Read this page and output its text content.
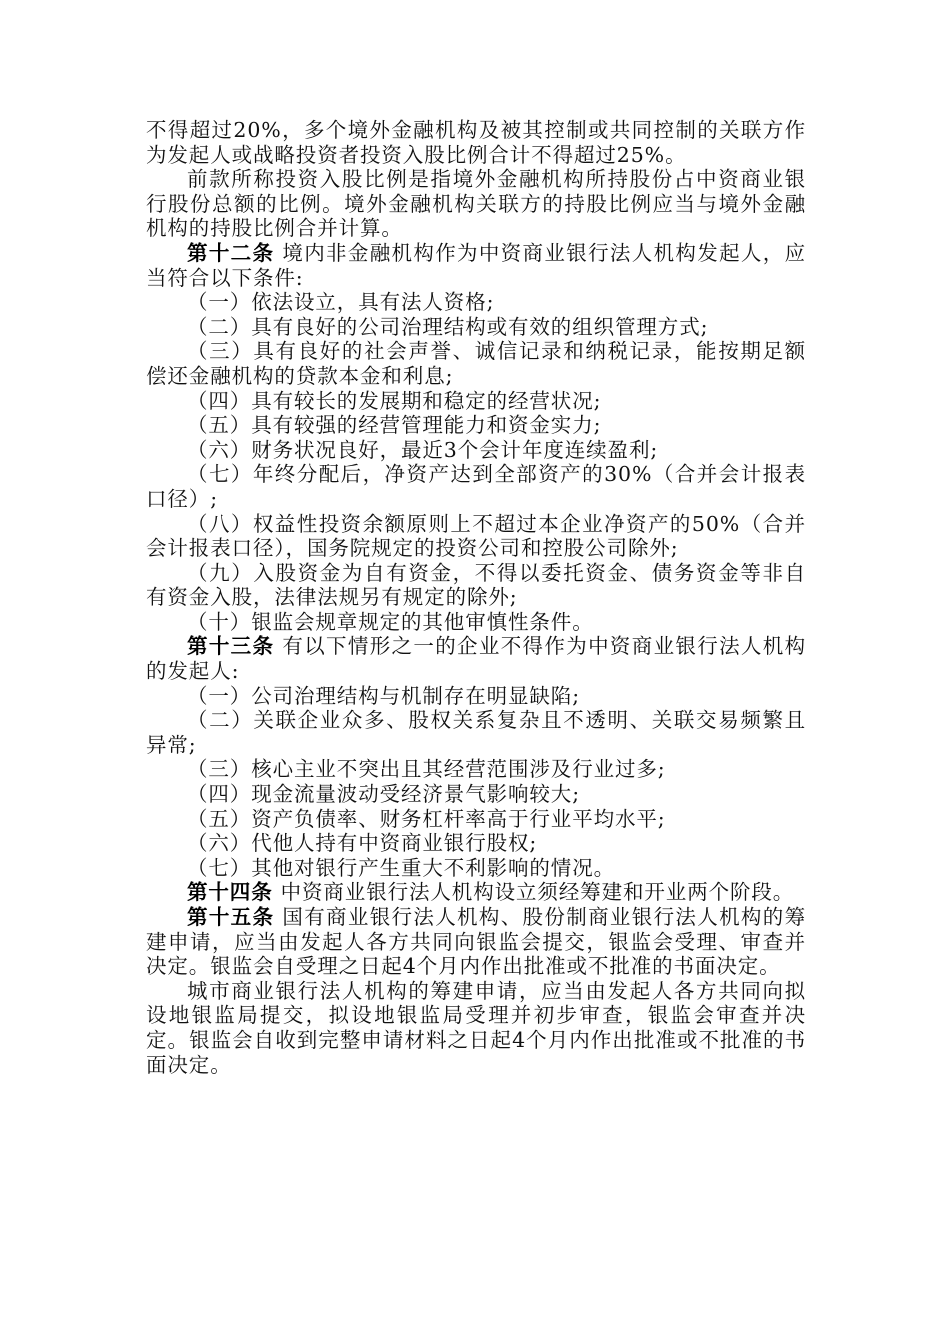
不得超过20%，多个境外金融机构及被其控制或共同控制的关联方作为发起人或战略投资者投资入股比例合计不得超过25%。

前款所称投资入股比例是指境外金融机构所持股份占中资商业银行股份总额的比例。境外金融机构关联方的持股比例应当与境外金融机构的持股比例合并计算。

第十二条 境内非金融机构作为中资商业银行法人机构发起人，应当符合以下条件:

（一）依法设立，具有法人资格;

（二）具有良好的公司治理结构或有效的组织管理方式;

（三）具有良好的社会声誉、诚信记录和纳税记录，能按期足额偿还金融机构的贷款本金和利息;

（四）具有较长的发展期和稳定的经营状况;

（五）具有较强的经营管理能力和资金实力;

（六）财务状况良好，最近3个会计年度连续盈利;

（七）年终分配后，净资产达到全部资产的30%（合并会计报表口径）;

（八）权益性投资余额原则上不超过本企业净资产的50%（合并会计报表口径），国务院规定的投资公司和控股公司除外;

（九）入股资金为自有资金，不得以委托资金、债务资金等非自有资金入股，法律法规另有规定的除外;

（十）银监会规章规定的其他审慎性条件。

第十三条 有以下情形之一的企业不得作为中资商业银行法人机构的发起人:

（一）公司治理结构与机制存在明显缺陷;

（二）关联企业众多、股权关系复杂且不透明、关联交易频繁且异常;

（三）核心主业不突出且其经营范围涉及行业过多;

（四）现金流量波动受经济景气影响较大;

（五）资产负债率、财务杠杆率高于行业平均水平;

（六）代他人持有中资商业银行股权;

（七）其他对银行产生重大不利影响的情况。

第十四条 中资商业银行法人机构设立须经筹建和开业两个阶段。

第十五条 国有商业银行法人机构、股份制商业银行法人机构的筹建申请，应当由发起人各方共同向银监会提交，银监会受理、审查并决定。银监会自受理之日起4个月内作出批准或不批准的书面决定。

城市商业银行法人机构的筹建申请，应当由发起人各方共同向拟设地银监局提交，拟设地银监局受理并初步审查，银监会审查并决定。银监会自收到完整申请材料之日起4个月内作出批准或不批准的书面决定。
